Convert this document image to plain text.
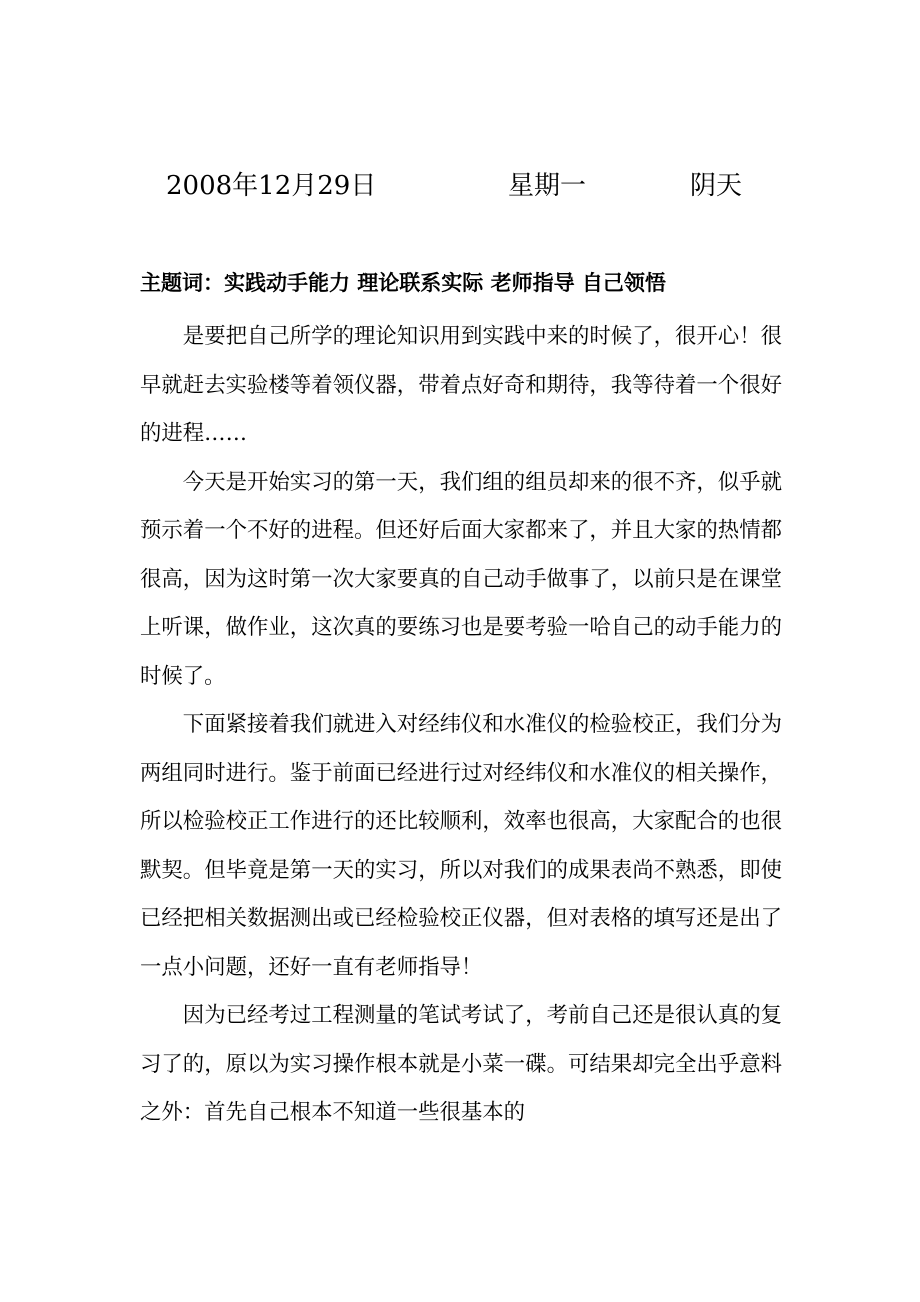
2008年12月29日	星期一	阴天
主题词：实践动手能力 理论联系实际 老师指导 自己领悟

是要把自己所学的理论知识用到实践中来的时候了，很开心！很早就赶去实验楼等着领仪器，带着点好奇和期待，我等待着一个很好的进程……

今天是开始实习的第一天，我们组的组员却来的很不齐，似乎就预示着一个不好的进程。但还好后面大家都来了，并且大家的热情都很高，因为这时第一次大家要真的自己动手做事了，以前只是在课堂上听课，做作业，这次真的要练习也是要考验一哈自己的动手能力的时候了。

下面紧接着我们就进入对经纬仪和水准仪的检验校正，我们分为两组同时进行。鉴于前面已经进行过对经纬仪和水准仪的相关操作，所以检验校正工作进行的还比较顺利，效率也很高，大家配合的也很默契。但毕竟是第一天的实习，所以对我们的成果表尚不熟悉，即使已经把相关数据测出或已经检验校正仪器，但对表格的填写还是出了一点小问题，还好一直有老师指导！

因为已经考过工程测量的笔试考试了，考前自己还是很认真的复习了的，原以为实习操作根本就是小菜一碟。可结果却完全出乎意料之外：首先自己根本不知道一些很基本的
